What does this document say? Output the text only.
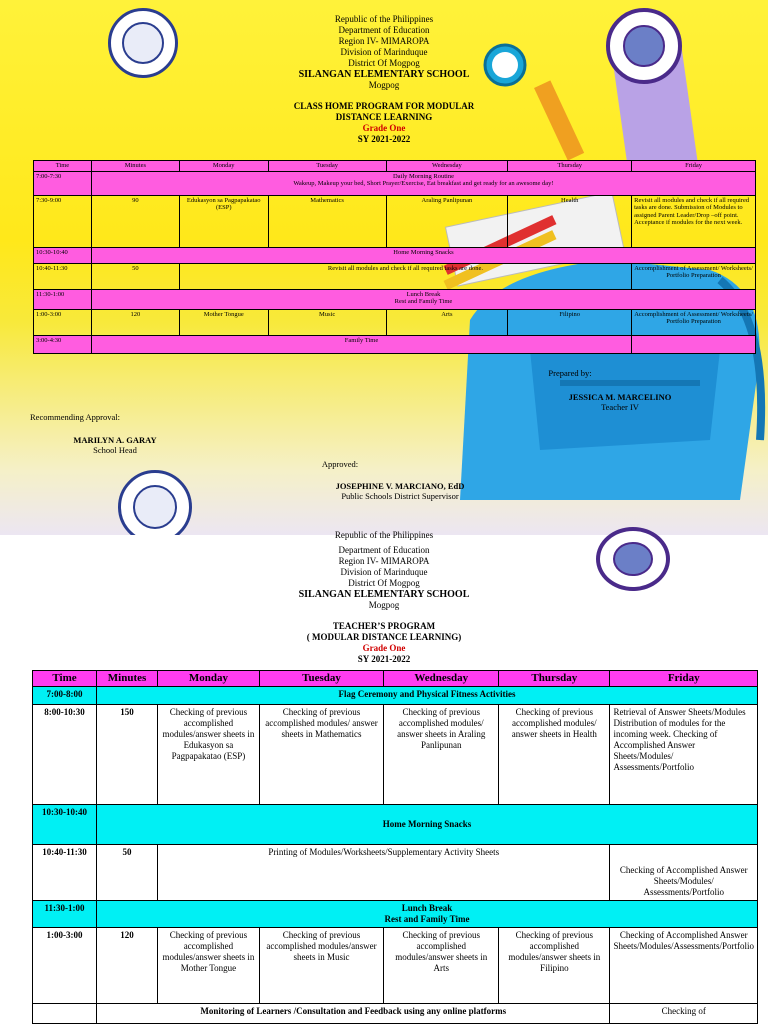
Republic of the Philippines
Department of Education
Region IV- MIMAROPA
Division of Marinduque
District Of Mogpog
SILANGAN ELEMENTARY SCHOOL
Mogpog
CLASS HOME PROGRAM FOR MODULAR
DISTANCE LEARNING
Grade One
SY 2021-2022
Time	Minutes	Monday	Tuesday	Wednesday	Thursday	Friday
7:00-7:30	Daily Morning Routine
Wakeup, Makeup your bed, Short Prayer/Exercise, Eat breakfast and get ready for an awesome day!					

7:30-9:00	90	Edukasyon sa Pagpapakatao (ESP)	Mathematics	Araling Panlipunan	Health	Revisit all modules and check if all required tasks are done. Submission of Modules to assigned Parent Leader/Drop –off point. Acceptance if modules for the next week.
10:30-10:40	Home Morning Snacks					
10:40-11:30	50	Revisit all modules and check if all required tasks are done.				Accomplishment of Assessment/ Worksheets/ Portfolio Preparation
11:30-1:00	Lunch Break
Rest and Family Time					

1:00-3:00	120	Mother Tongue	Music	Arts	Filipino	Accomplishment of Assessment/ Worksheets/ Portfolio Preparation
3:00-4:30	Family Time					
Prepared by:
JESSICA M. MARCELINO
Teacher IV
Recommending Approval:
MARILYN A. GARAY
School Head
Approved:
JOSEPHINE V. MARCIANO, EdD
Public Schools District Supervisor
Republic of the Philippines
Department of Education
Region IV- MIMAROPA
Division of Marinduque
District Of Mogpog
SILANGAN ELEMENTARY SCHOOL
Mogpog
TEACHER’S PROGRAM
( MODULAR DISTANCE LEARNING)
Grade One
SY 2021-2022
Time	Minutes	Monday	Tuesday	Wednesday	Thursday	Friday
7:00-8:00	Flag Ceremony and Physical Fitness Activities					
8:00-10:30	150	Checking of previous accomplished modules/answer sheets in Edukasyon sa Pagpapakatao (ESP)	Checking of previous accomplished modules/ answer sheets in Mathematics	Checking of previous accomplished modules/ answer sheets in Araling Panlipunan	Checking of previous accomplished modules/ answer sheets in Health	Retrieval of Answer Sheets/Modules Distribution of modules for the incoming week. Checking of Accomplished Answer Sheets/Modules/ Assessments/Portfolio
10:30-10:40	Home Morning Snacks					
10:40-11:30	50	Printing of Modules/Worksheets/Supplementary Activity Sheets				Checking of Accomplished Answer Sheets/Modules/ Assessments/Portfolio
11:30-1:00	Lunch Break
Rest and Family Time					

1:00-3:00	120	Checking of previous accomplished modules/answer sheets in Mother Tongue	Checking of previous accomplished modules/answer sheets in Music	Checking of previous accomplished modules/answer sheets in Arts	Checking of previous accomplished modules/answer sheets in Filipino	Checking of Accomplished Answer Sheets/Modules/Assessments/Portfolio
	Monitoring of Learners /Consultation and Feedback using any online platforms					Checking of
